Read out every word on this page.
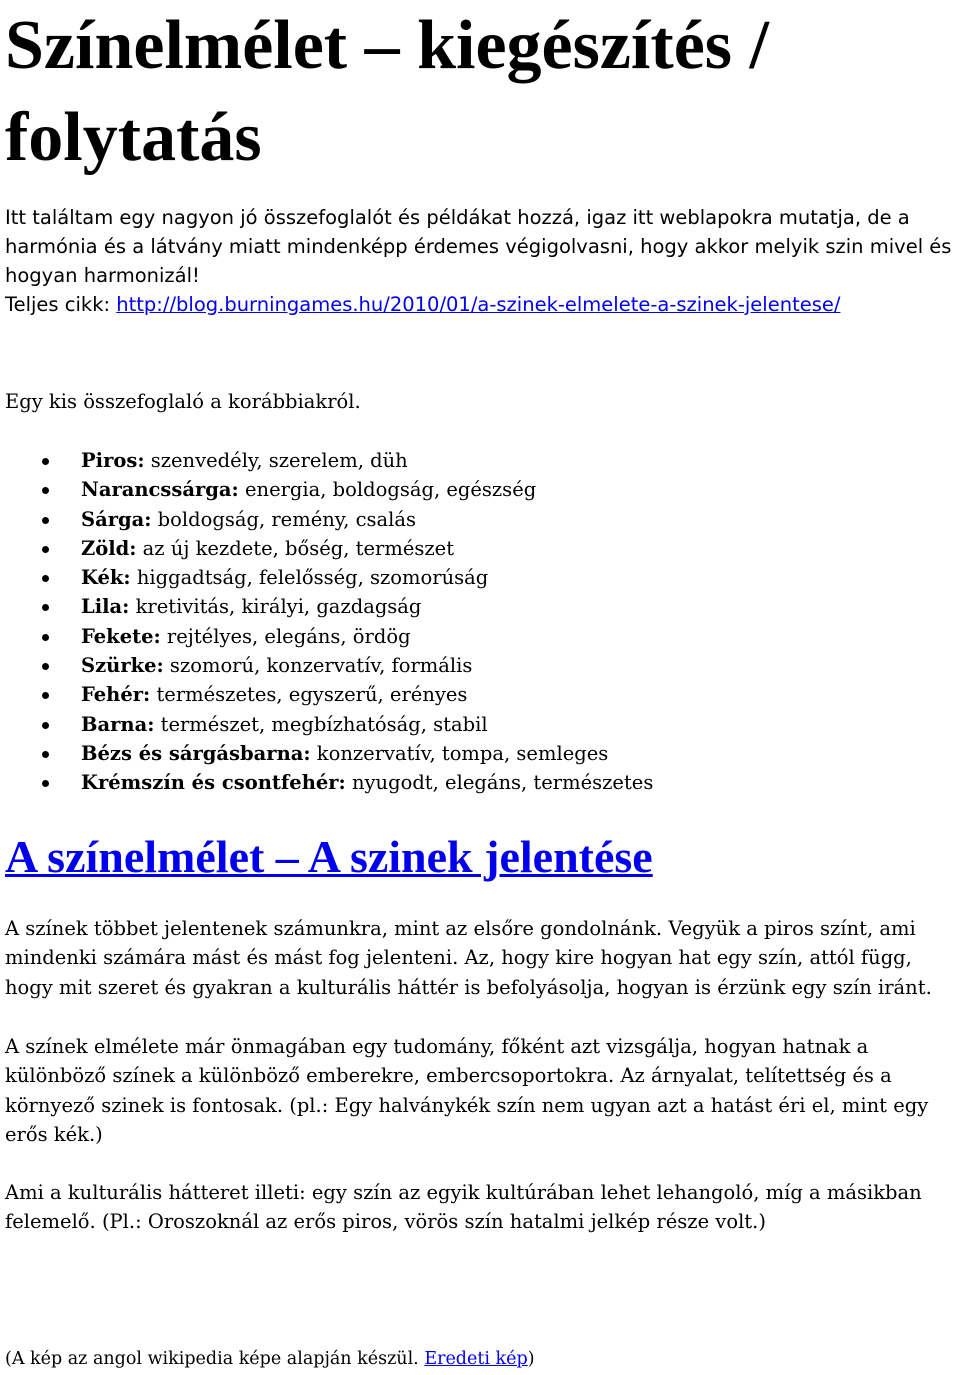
Színelmélet – kiegészítés / folytatás

Itt találtam egy nagyon jó összefoglalót és példákat hozzá, igaz itt weblapokra mutatja, de a harmónia és a látvány miatt mindenképp érdemes végigolvasni, hogy akkor melyik szin mivel és hogyan harmonizál!

Teljes cikk: http://blog.burningames.hu/2010/01/a-szinek-elmelete-a-szinek-jelentese/

Egy kis összefoglaló a korábbiakról.

Piros: szenvedély, szerelem, düh
Narancssárga: energia, boldogság, egészség
Sárga: boldogság, remény, csalás
Zöld: az új kezdete, bőség, természet
Kék: higgadtság, felelősség, szomorúság
Lila: kretivitás, királyi, gazdagság
Fekete: rejtélyes, elegáns, ördög
Szürke: szomorú, konzervatív, formális
Fehér: természetes, egyszerű, erényes
Barna: természet, megbízhatóság, stabil
Bézs és sárgásbarna: konzervatív, tompa, semleges
Krémszín és csontfehér: nyugodt, elegáns, természetes
A színelmélet – A szinek jelentése

A színek többet jelentenek számunkra, mint az elsőre gondolnánk. Vegyük a piros színt, ami mindenki számára mást és mást fog jelenteni. Az, hogy kire hogyan hat egy szín, attól függ, hogy mit szeret és gyakran a kulturális háttér is befolyásolja, hogyan is érzünk egy szín iránt.

A színek elmélete már önmagában egy tudomány, főként azt vizsgálja, hogyan hatnak a különböző színek a különböző emberekre, embercsoportokra. Az árnyalat, telítettség és a környező szinek is fontosak. (pl.: Egy halványkék szín nem ugyan azt a hatást éri el, mint egy erős kék.)

Ami a kulturális hátteret illeti: egy szín az egyik kultúrában lehet lehangoló, míg a másikban felemelő. (Pl.: Oroszoknál az erős piros, vörös szín hatalmi jelkép része volt.)

(A kép az angol wikipedia képe alapján készül. Eredeti kép)
